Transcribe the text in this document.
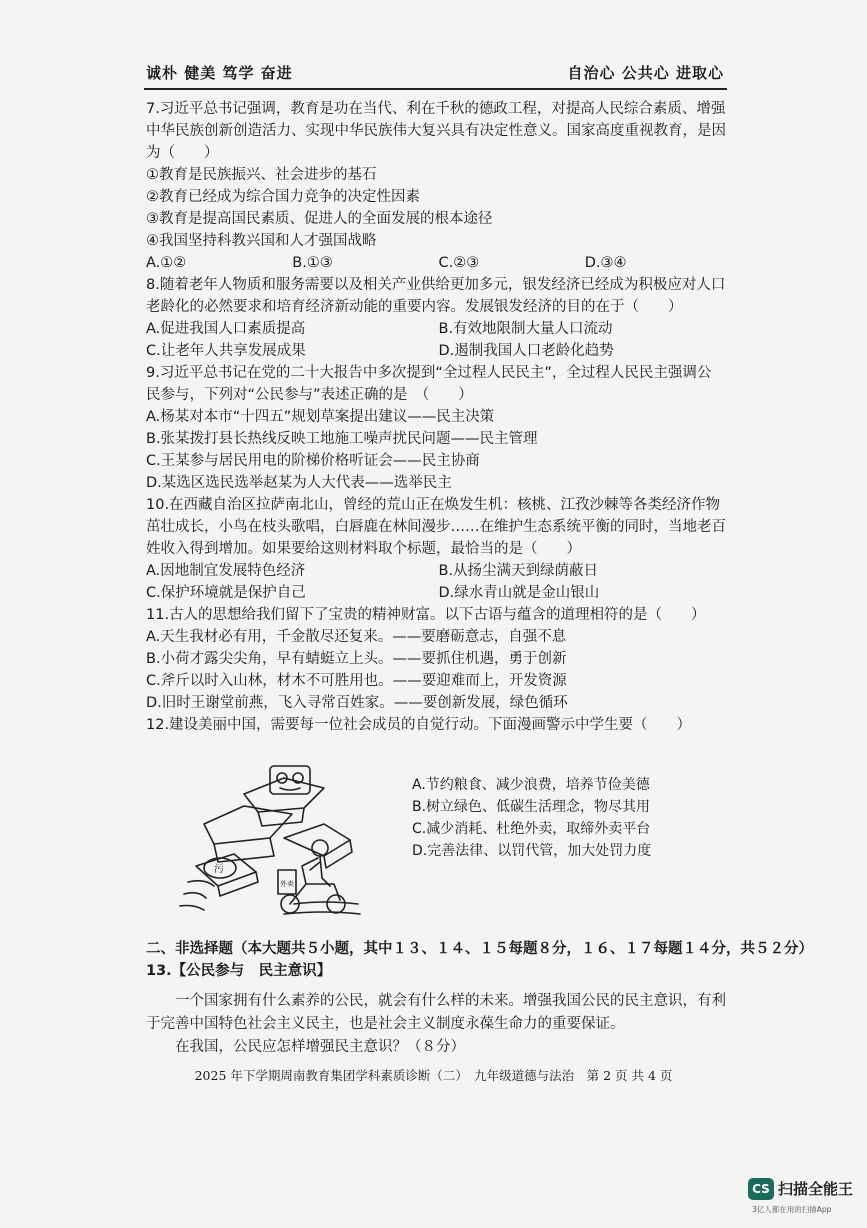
诚朴 健美 笃学 奋进	自治心 公共心 进取心
7.习近平总书记强调，教育是功在当代、利在千秋的德政工程，对提高人民综合素质、增强
中华民族创新创造活力、实现中华民族伟大复兴具有决定性意义。国家高度重视教育，是因
为（　　）
①教育是民族振兴、社会进步的基石
②教育已经成为综合国力竞争的决定性因素
③教育是提高国民素质、促进人的全面发展的根本途径
④我国坚持科教兴国和人才强国战略
A.①②	B.①③	C.②③	D.③④
8.随着老年人物质和服务需要以及相关产业供给更加多元，银发经济已经成为积极应对人口
老龄化的必然要求和培育经济新动能的重要内容。发展银发经济的目的在于（　　）
A.促进我国人口素质提高	B.有效地限制大量人口流动
C.让老年人共享发展成果	D.遏制我国人口老龄化趋势
9.习近平总书记在党的二十大报告中多次提到“全过程人民民主”，全过程人民民主强调公
民参与，下列对“公民参与”表述正确的是　（　　）
A.杨某对本市“十四五”规划草案提出建议——民主决策
B.张某拨打县长热线反映工地施工噪声扰民问题——民主管理
C.王某参与居民用电的阶梯价格听证会——民主协商
D.某选区选民选举赵某为人大代表——选举民主
10.在西藏自治区拉萨南北山，曾经的荒山正在焕发生机：核桃、江孜沙棘等各类经济作物
茁壮成长，小鸟在枝头歌唱，白唇鹿在林间漫步……在维护生态系统平衡的同时，当地老百
姓收入得到增加。如果要给这则材料取个标题，最恰当的是（　　）
A.因地制宜发展特色经济	B.从扬尘满天到绿荫蔽日
C.保护环境就是保护自己	D.绿水青山就是金山银山
11.古人的思想给我们留下了宝贵的精神财富。以下古语与蕴含的道理相符的是（　　）
A.天生我材必有用，千金散尽还复来。——要磨砺意志，自强不息
B.小荷才露尖尖角，早有蜻蜓立上头。——要抓住机遇，勇于创新
C.斧斤以时入山林，材木不可胜用也。——要迎难而上，开发资源
D.旧时王谢堂前燕，飞入寻常百姓家。——要创新发展，绿色循环
12.建设美丽中国，需要每一位社会成员的自觉行动。下面漫画警示中学生要（　　）
污
外卖
A.节约粮食、减少浪费，培养节俭美德
B.树立绿色、低碳生活理念，物尽其用
C.减少消耗、杜绝外卖，取缔外卖平台
D.完善法律、以罚代管，加大处罚力度
二、非选择题（本大题共５小题，其中１３、１４、１５每题８分，１６、１７每题１４分，共５２分）
13.【公民参与　民主意识】
一个国家拥有什么素养的公民，就会有什么样的未来。增强我国公民的民主意识，有利于完善中国特色社会主义民主，也是社会主义制度永葆生命力的重要保证。
在我国，公民应怎样增强民主意识？（８分）
2025 年下学期周南教育集团学科素质诊断（二）　九年级道德与法治　第 2 页 共 4 页
CS 扫描全能王
3亿人都在用的扫描App
